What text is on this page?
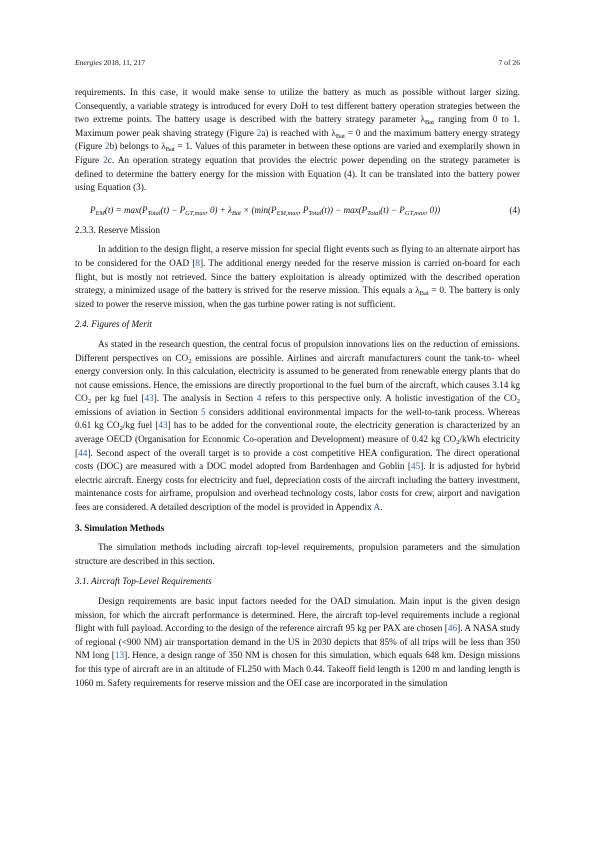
Energies 2018, 11, 217	7 of 26

requirements. In this case, it would make sense to utilize the battery as much as possible without larger sizing. Consequently, a variable strategy is introduced for every DoH to test different battery operation strategies between the two extreme points. The battery usage is described with the battery strategy parameter $\lambda_{Bat}$ ranging from 0 to 1. Maximum power peak shaving strategy (Figure 2a) is reached with $\lambda_{Bat} = 0$ and the maximum battery energy strategy (Figure 2b) belongs to $\lambda_{Bat} = 1$. Values of this parameter in between these options are varied and exemplarily shown in Figure 2c. An operation strategy equation that provides the electric power depending on the strategy parameter is defined to determine the battery energy for the mission with Equation (4). It can be translated into the battery power using Equation (3).

$P_{EM}(t) = \max(P_{Total}(t) - P_{GT,max}$, $0) + \lambda_{Bat} \times (\min(P_{EM,max}$, $P_{Total}(t)) - \max(P_{Total}(t) - P_{GT,max}$, 0))	(4)
2.3.3. Reserve Mission

In addition to the design flight, a reserve mission for special flight events such as flying to an alternate airport has to be considered for the OAD [8]. The additional energy needed for the reserve mission is carried on-board for each flight, but is mostly not retrieved. Since the battery exploitation is already optimized with the described operation strategy, a minimized usage of the battery is strived for the reserve mission. This equals a $\lambda_{Bat} = 0$. The battery is only sized to power the reserve mission, when the gas turbine power rating is not sufficient.

2.4. Figures of Merit

As stated in the research question, the central focus of propulsion innovations lies on the reduction of emissions. Different perspectives on $CO_2$ emissions are possible. Airlines and aircraft manufacturers count the tank-to- wheel energy conversion only. In this calculation, electricity is assumed to be generated from renewable energy plants that do not cause emissions. Hence, the emissions are directly proportional to the fuel burn of the aircraft, which causes 3.14 kg $CO_2$ per kg fuel [43]. The analysis in Section 4 refers to this perspective only. A holistic investigation of the $CO_2$ emissions of aviation in Section 5 considers additional environmental impacts for the well-to-tank process. Whereas 0.61 kg $CO_2/kg$ fuel [43] has to be added for the conventional route, the electricity generation is characterized by an average OECD (Organisation for Economic Co-operation and Development) measure of 0.42 kg $CO_2$/kWh electricity [44]. Second aspect of the overall target is to provide a cost competitive HEA configuration. The direct operational costs (DOC) are measured with a DOC model adopted from Bardenhagen and Goblin [45]. It is adjusted for hybrid electric aircraft. Energy costs for electricity and fuel, depreciation costs of the aircraft including the battery investment, maintenance costs for airframe, propulsion and overhead technology costs, labor costs for crew, airport and navigation fees are considered. A detailed description of the model is provided in Appendix A.

3. Simulation Methods

The simulation methods including aircraft top-level requirements, propulsion parameters and the simulation structure are described in this section.

3.1. Aircraft Top-Level Requirements

Design requirements are basic input factors needed for the OAD simulation. Main input is the given design mission, for which the aircraft performance is determined. Here, the aircraft top-level requirements include a regional flight with full payload. According to the design of the reference aircraft 95 kg per PAX are chosen [46]. A NASA study of regional (<900 NM) air transportation demand in the US in 2030 depicts that 85% of all trips will be less than 350 NM long [13]. Hence, a design range of 350 NM is chosen for this simulation, which equals 648 km. Design missions for this type of aircraft are in an altitude of FL250 with Mach 0.44. Takeoff field length is 1200 m and landing length is 1060 m. Safety requirements for reserve mission and the OEI case are incorporated in the simulation
